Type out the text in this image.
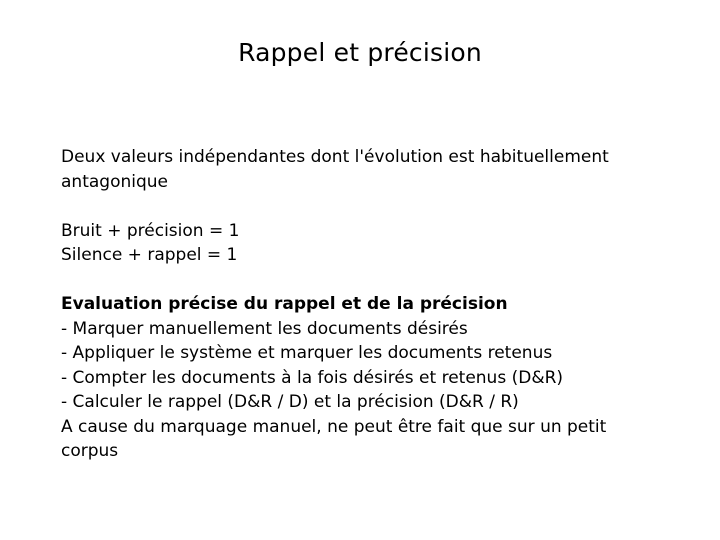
Rappel et précision

Deux valeurs indépendantes dont l'évolution est habituellement

antagonique

Bruit + précision = 1

Silence + rappel = 1

Evaluation précise du rappel et de la précision

- Marquer manuellement les documents désirés

- Appliquer le système et marquer les documents retenus

- Compter les documents à la fois désirés et retenus (D&R)

- Calculer le rappel (D&R / D) et la précision (D&R / R)

A cause du marquage manuel, ne peut être fait que sur un petit

corpus
